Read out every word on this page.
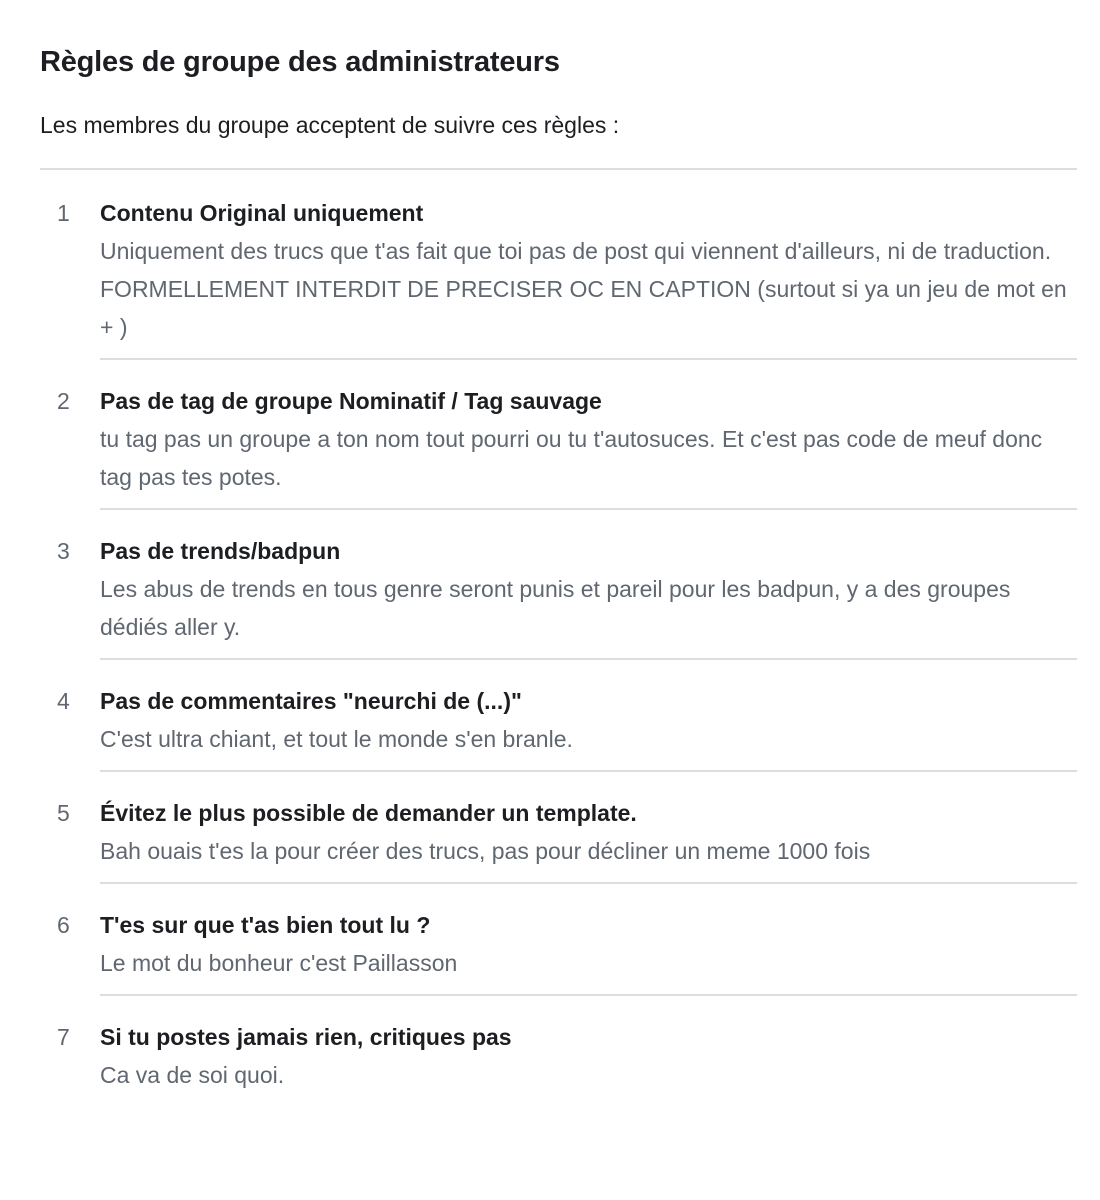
Règles de groupe des administrateurs

Les membres du groupe acceptent de suivre ces règles :

1	Contenu Original uniquement
Uniquement des trucs que t'as fait que toi pas de post qui viennent d'ailleurs, ni de traduction. FORMELLEMENT INTERDIT DE PRECISER OC EN CAPTION (surtout si ya un jeu de mot en + )
2	Pas de tag de groupe Nominatif / Tag sauvage
tu tag pas un groupe a ton nom tout pourri ou tu t'autosuces. Et c'est pas code de meuf donc tag pas tes potes.
3	Pas de trends/badpun
Les abus de trends en tous genre seront punis et pareil pour les badpun, y a des groupes dédiés aller y.
4	Pas de commentaires "neurchi de (...)"
C'est ultra chiant, et tout le monde s'en branle.
5	Évitez le plus possible de demander un template.
Bah ouais t'es la pour créer des trucs, pas pour décliner un meme 1000 fois
6	T'es sur que t'as bien tout lu ?
Le mot du bonheur c'est Paillasson
7	Si tu postes jamais rien, critiques pas
Ca va de soi quoi.
